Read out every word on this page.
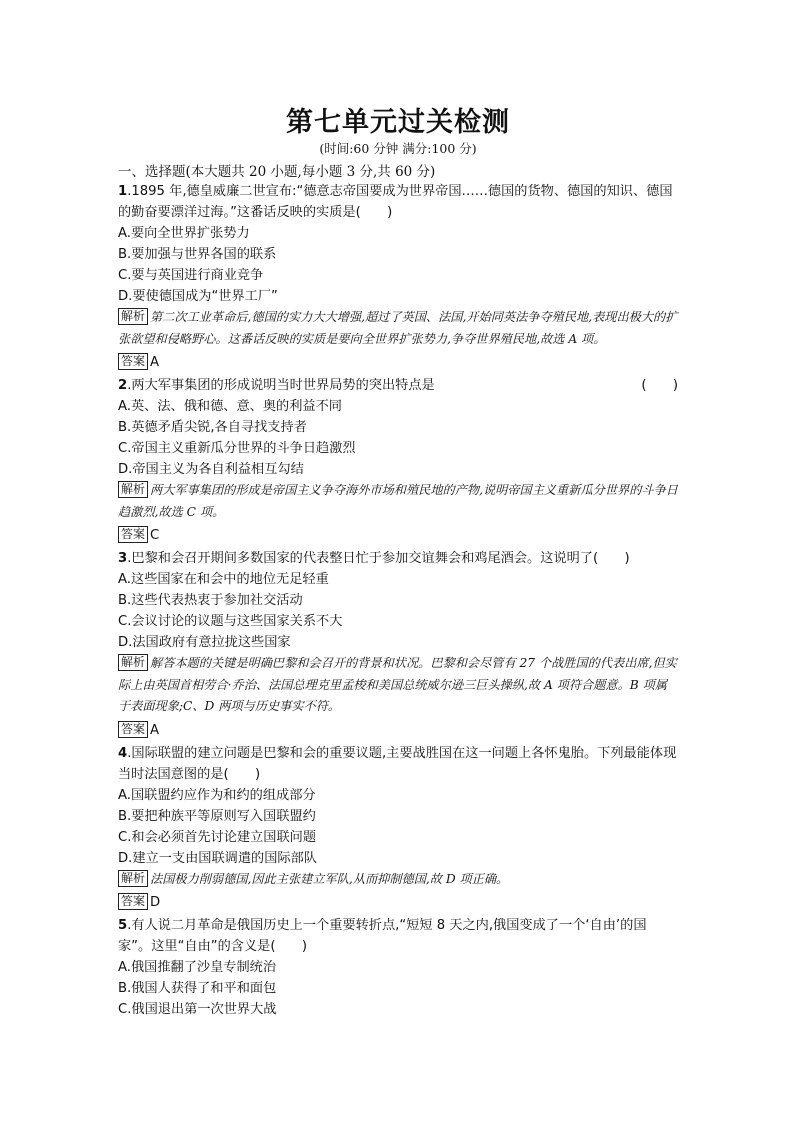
第七单元过关检测
(时间:60 分钟 满分:100 分)
一、选择题(本大题共 20 小题,每小题 3 分,共 60 分)

1.1895 年,德皇威廉二世宣布:“德意志帝国要成为世界帝国……德国的货物、德国的知识、德国的勤奋要漂洋过海。”这番话反映的实质是(　　)

A.要向全世界扩张势力

B.要加强与世界各国的联系

C.要与英国进行商业竞争

D.要使德国成为“世界工厂”

解析 第二次工业革命后,德国的实力大大增强,超过了英国、法国,开始同英法争夺殖民地,表现出极大的扩张欲望和侵略野心。这番话反映的实质是要向全世界扩张势力,争夺世界殖民地,故选 A 项。

答案 A

2.两大军事集团的形成说明当时世界局势的突出特点是	(　　)

A.英、法、俄和德、意、奥的利益不同

B.英德矛盾尖锐,各自寻找支持者

C.帝国主义重新瓜分世界的斗争日趋激烈

D.帝国主义为各自利益相互勾结

解析 两大军事集团的形成是帝国主义争夺海外市场和殖民地的产物,说明帝国主义重新瓜分世界的斗争日趋激烈,故选 C 项。

答案 C

3.巴黎和会召开期间多数国家的代表整日忙于参加交谊舞会和鸡尾酒会。这说明了(　　)

A.这些国家在和会中的地位无足轻重

B.这些代表热衷于参加社交活动

C.会议讨论的议题与这些国家关系不大

D.法国政府有意拉拢这些国家

解析 解答本题的关键是明确巴黎和会召开的背景和状况。巴黎和会尽管有 27 个战胜国的代表出席,但实际上由英国首相劳合·乔治、法国总理克里孟梭和美国总统威尔逊三巨头操纵,故 A 项符合题意。B 项属于表面现象;C、D 两项与历史事实不符。

答案 A

4.国际联盟的建立问题是巴黎和会的重要议题,主要战胜国在这一问题上各怀鬼胎。下列最能体现当时法国意图的是(　　)

A.国联盟约应作为和约的组成部分

B.要把种族平等原则写入国联盟约

C.和会必须首先讨论建立国联问题

D.建立一支由国联调遣的国际部队

解析 法国极力削弱德国,因此主张建立军队,从而抑制德国,故 D 项正确。

答案 D

5.有人说二月革命是俄国历史上一个重要转折点,“短短 8 天之内,俄国变成了一个‘自由’的国家”。这里“自由”的含义是(　　)

A.俄国推翻了沙皇专制统治

B.俄国人获得了和平和面包

C.俄国退出第一次世界大战
